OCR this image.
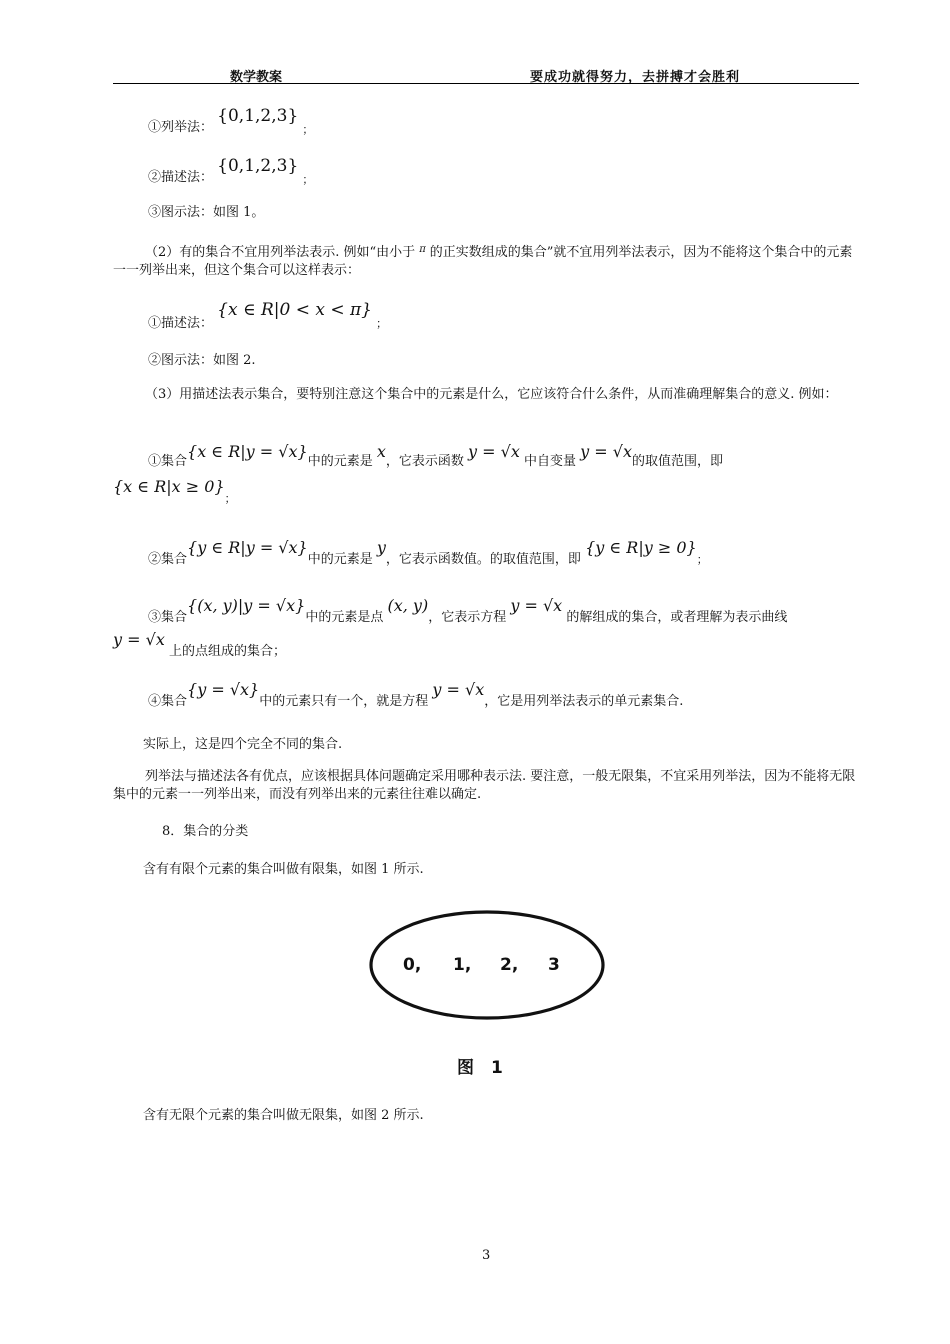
数学教案	要成功就得努力，去拼搏才会胜利
①列举法： {0,1,2,3} $_;$
②描述法： {0,1,2,3} $_;$
③图示法：如图 1。
（2）有的集合不宜用列举法表示. 例如“由小于 $^\pi$ 的正实数组成的集合”就不宜用列举法表示，因为不能将这个集合中的元素一一列举出来，但这个集合可以这样表示：
①描述法： {x ∈ R|0 < x < π} $_;$
②图示法：如图 2.
（3）用描述法表示集合，要特别注意这个集合中的元素是什么，它应该符合什么条件，从而准确理解集合的意义. 例如：
①集合{x ∈ R|y = √x}中的元素是 x，它表示函数 y = √x 中自变量 y = √x的取值范围，即
{x ∈ $R|x \ge 0\}_;$
②集合{y ∈ R|y = √x}中的元素是 y，它表示函数值。的取值范围，即 {y ∈ $R|y \ge 0\}_;$
③集合{(x, y)|y = √x}中的元素是点 (x, y)，它表示方程 y = √x 的解组成的集合，或者理解为表示曲线
y = √x 上的点组成的集合；
④集合{y = √x}中的元素只有一个，就是方程 y = √x，它是用列举法表示的单元素集合.
实际上，这是四个完全不同的集合.
列举法与描述法各有优点，应该根据具体问题确定采用哪种表示法. 要注意，一般无限集，不宜采用列举法，因为不能将无限集中的元素一一列举出来，而没有列举出来的元素往往难以确定.
8．集合的分类
含有有限个元素的集合叫做有限集，如图 1 所示.
0, 1, 2, 3
图　1
含有无限个元素的集合叫做无限集，如图 2 所示.
3
